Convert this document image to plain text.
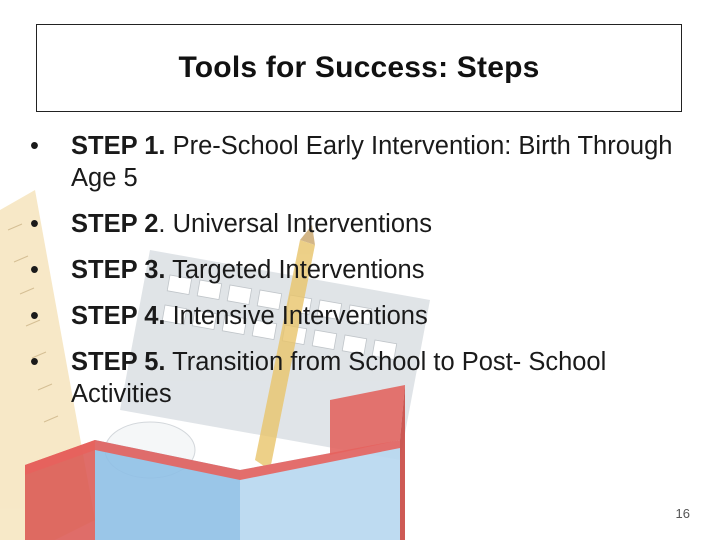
Tools for Success: Steps
•	STEP 1. Pre-School Early Intervention: Birth Through Age 5
•	STEP 2. Universal Interventions
•	STEP 3. Targeted Interventions
•	STEP 4. Intensive Interventions
•	STEP 5. Transition from School to Post- School Activities
16
